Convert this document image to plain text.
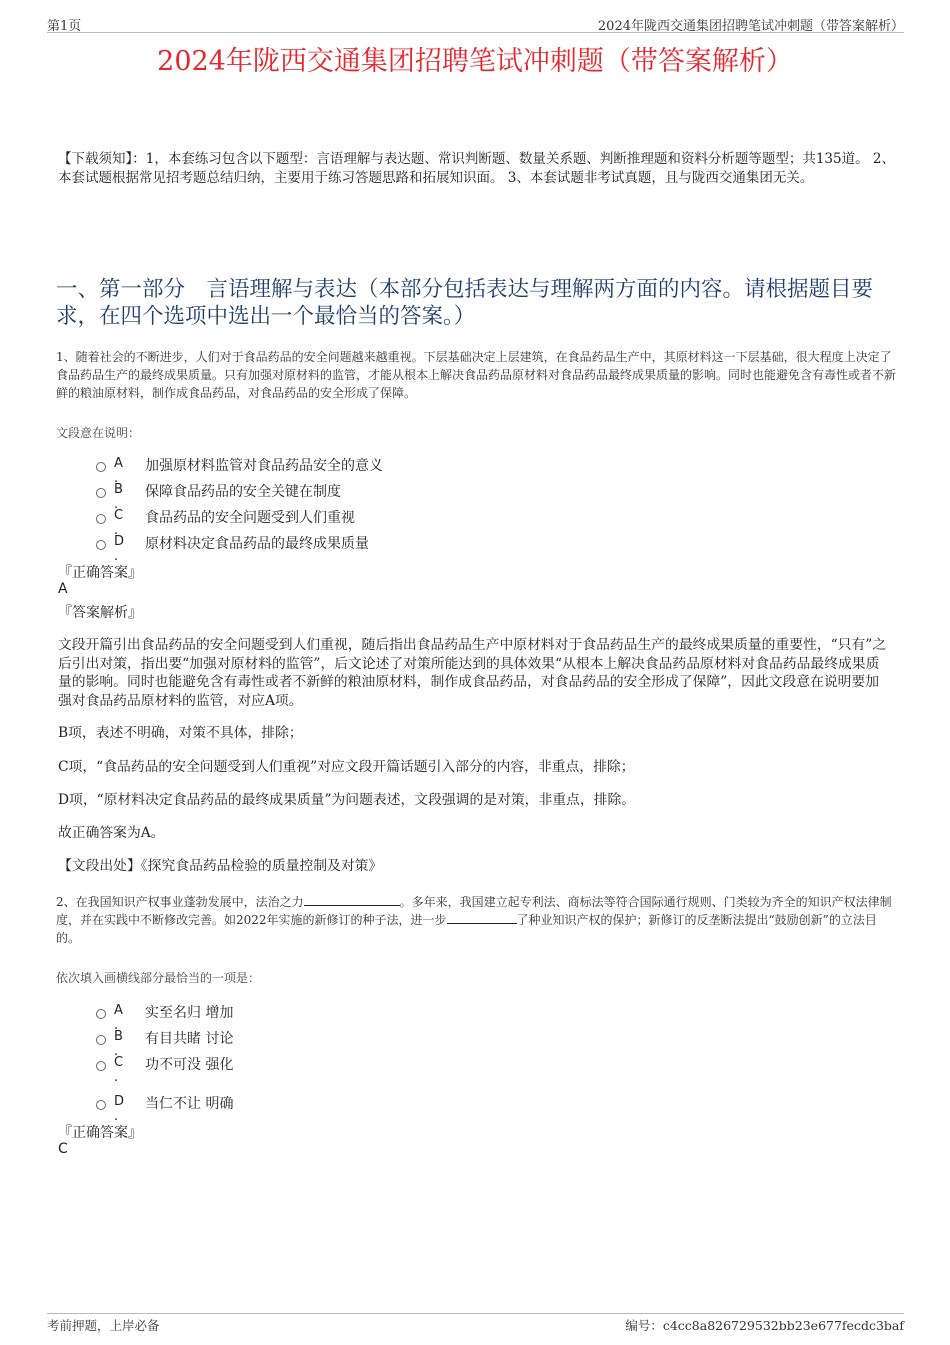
第1页	2024年陇西交通集团招聘笔试冲刺题（带答案解析）
2024年陇西交通集团招聘笔试冲刺题（带答案解析）
【下载须知】：1，本套练习包含以下题型：言语理解与表达题、常识判断题、数量关系题、判断推理题和资料分析题等题型；共135道。 2、本套试题根据常见招考题总结归纳，主要用于练习答题思路和拓展知识面。 3、本套试题非考试真题，且与陇西交通集团无关。
一、第一部分　言语理解与表达（本部分包括表达与理解两方面的内容。请根据题目要求，在四个选项中选出一个最恰当的答案。）
1、随着社会的不断进步，人们对于食品药品的安全问题越来越重视。下层基础决定上层建筑，在食品药品生产中，其原材料这一下层基础，很大程度上决定了食品药品生产的最终成果质量。只有加强对原材料的监管，才能从根本上解决食品药品原材料对食品药品最终成果质量的影响。同时也能避免含有毒性或者不新鲜的粮油原材料，制作成食品药品，对食品药品的安全形成了保障。
文段意在说明：
A .
加强原材料监管对食品药品安全的意义
B .
保障食品药品的安全关键在制度
C .
食品药品的安全问题受到人们重视
D .
原材料决定食品药品的最终成果质量
『正确答案』
A
『答案解析』
文段开篇引出食品药品的安全问题受到人们重视，随后指出食品药品生产中原材料对于食品药品生产的最终成果质量的重要性，“只有”之后引出对策，指出要“加强对原材料的监管”，后文论述了对策所能达到的具体效果“从根本上解决食品药品原材料对食品药品最终成果质量的影响。同时也能避免含有毒性或者不新鲜的粮油原材料，制作成食品药品，对食品药品的安全形成了保障”，因此文段意在说明要加强对食品药品原材料的监管，对应A项。
B项，表述不明确，对策不具体，排除；
C项，“食品药品的安全问题受到人们重视”对应文段开篇话题引入部分的内容，非重点，排除；
D项，“原材料决定食品药品的最终成果质量”为问题表述，文段强调的是对策，非重点，排除。
故正确答案为A。
【文段出处】《探究食品药品检验的质量控制及对策》
2、在我国知识产权事业蓬勃发展中，法治之力	。多年来，我国建立起专利法、商标法等符合国际通行规则、门类较为齐全的知识产权法律制度，并在实践中不断修改完善。如2022年实施的新修订的种子法，进一步	了种业知识产权的保护；新修订的反垄断法提出“鼓励创新”的立法目的。
依次填入画横线部分最恰当的一项是：
A .
实至名归 增加
B .
有目共睹 讨论
C .
功不可没 强化
D .
当仁不让 明确
『正确答案』
C
考前押题，上岸必备	编号：c4cc8a826729532bb23e677fecdc3baf
